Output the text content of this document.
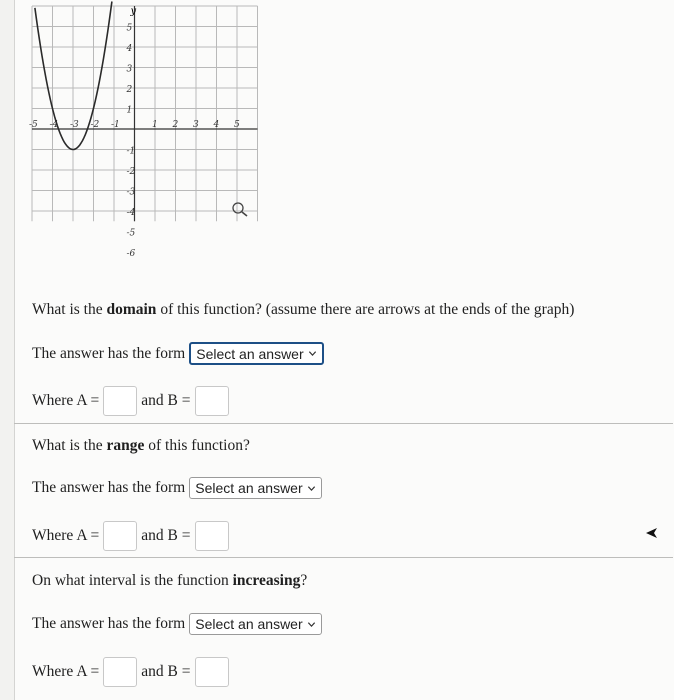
-5 -4 -3 -2 -1	1 2 3 4 5
5
4
3
2
1
-1
-2
-3
-4
-5
-6
y
What is the domain of this function? (assume there are arrows at the ends of the graph)
The answer has the form Select an answer
Where A =	and B =
What is the range of this function?
The answer has the form Select an answer
Where A =	and B =
On what interval is the function increasing?
The answer has the form Select an answer
Where A =	and B =
